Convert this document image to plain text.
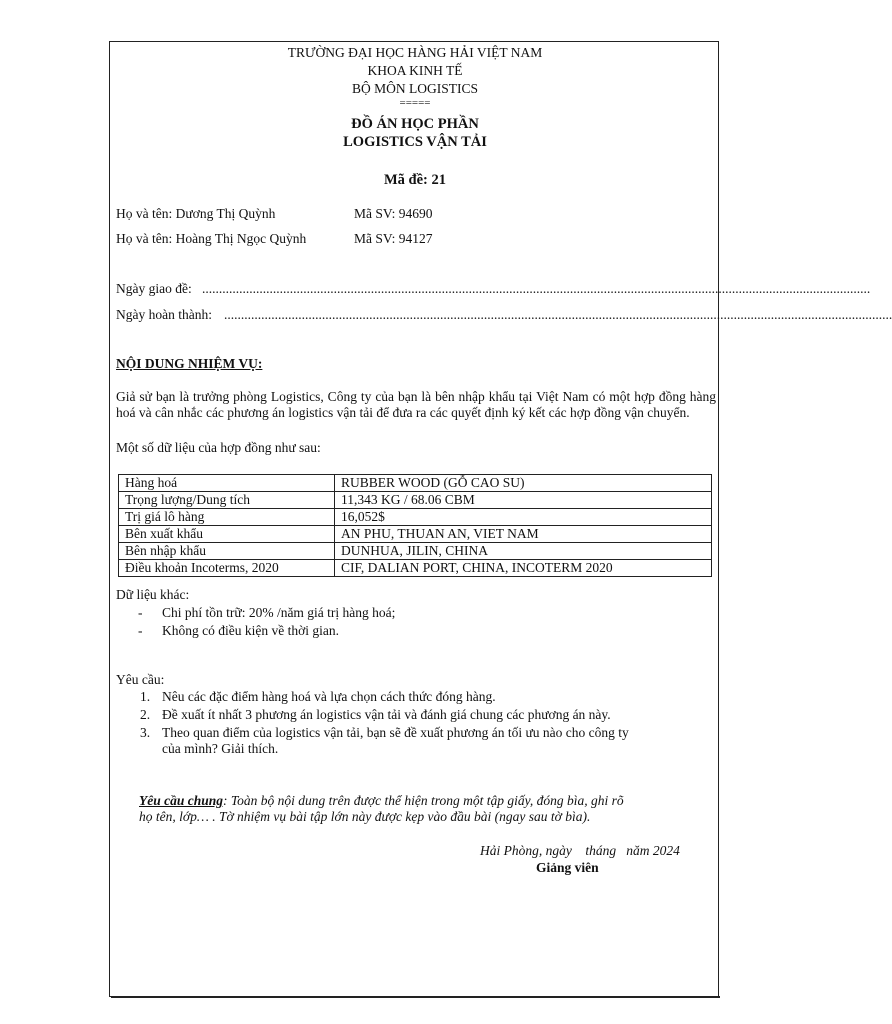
TRƯỜNG ĐẠI HỌC HÀNG HẢI VIỆT NAM
KHOA KINH TẾ
BỘ MÔN LOGISTICS
=====
ĐỒ ÁN HỌC PHẦN
LOGISTICS VẬN TẢI
Mã đề: 21
Họ và tên: Dương Thị Quỳnh	Mã SV: 94690
Họ và tên: Hoàng Thị Ngọc Quỳnh	Mã SV: 94127
Ngày giao đề: ......................................................................................................................................................................................................
Ngày hoàn thành: ......................................................................................................................................................................................................
NỘI DUNG NHIỆM VỤ:
Giả sử bạn là trưởng phòng Logistics, Công ty của bạn là bên nhập khẩu tại Việt Nam có một hợp đồng hàng hoá và cân nhắc các phương án logistics vận tải để đưa ra các quyết định ký kết các hợp đồng vận chuyển.
Một số dữ liệu của hợp đồng như sau:
Hàng hoá	RUBBER WOOD (GỖ CAO SU)
Trọng lượng/Dung tích	11,343 KG / 68.06 CBM
Trị giá lô hàng	16,052$
Bên xuất khẩu	AN PHU, THUAN AN, VIET NAM
Bên nhập khẩu	DUNHUA, JILIN, CHINA
Điều khoản Incoterms, 2020	CIF, DALIAN PORT, CHINA, INCOTERM 2020
Dữ liệu khác:
- Chi phí tồn trữ: 20% /năm giá trị hàng hoá;
- Không có điều kiện về thời gian.
Yêu cầu:
1. Nêu các đặc điểm hàng hoá và lựa chọn cách thức đóng hàng.
2. Đề xuất ít nhất 3 phương án logistics vận tải và đánh giá chung các phương án này.
3. Theo quan điểm của logistics vận tải, bạn sẽ đề xuất phương án tối ưu nào cho công ty
của mình? Giải thích.
Yêu cầu chung: Toàn bộ nội dung trên được thể hiện trong một tập giấy, đóng bìa, ghi rõ
họ tên, lớp… . Tờ nhiệm vụ bài tập lớn này được kẹp vào đầu bài (ngay sau tờ bìa).
Hải Phòng, ngày    tháng   năm 2024
Giảng viên
